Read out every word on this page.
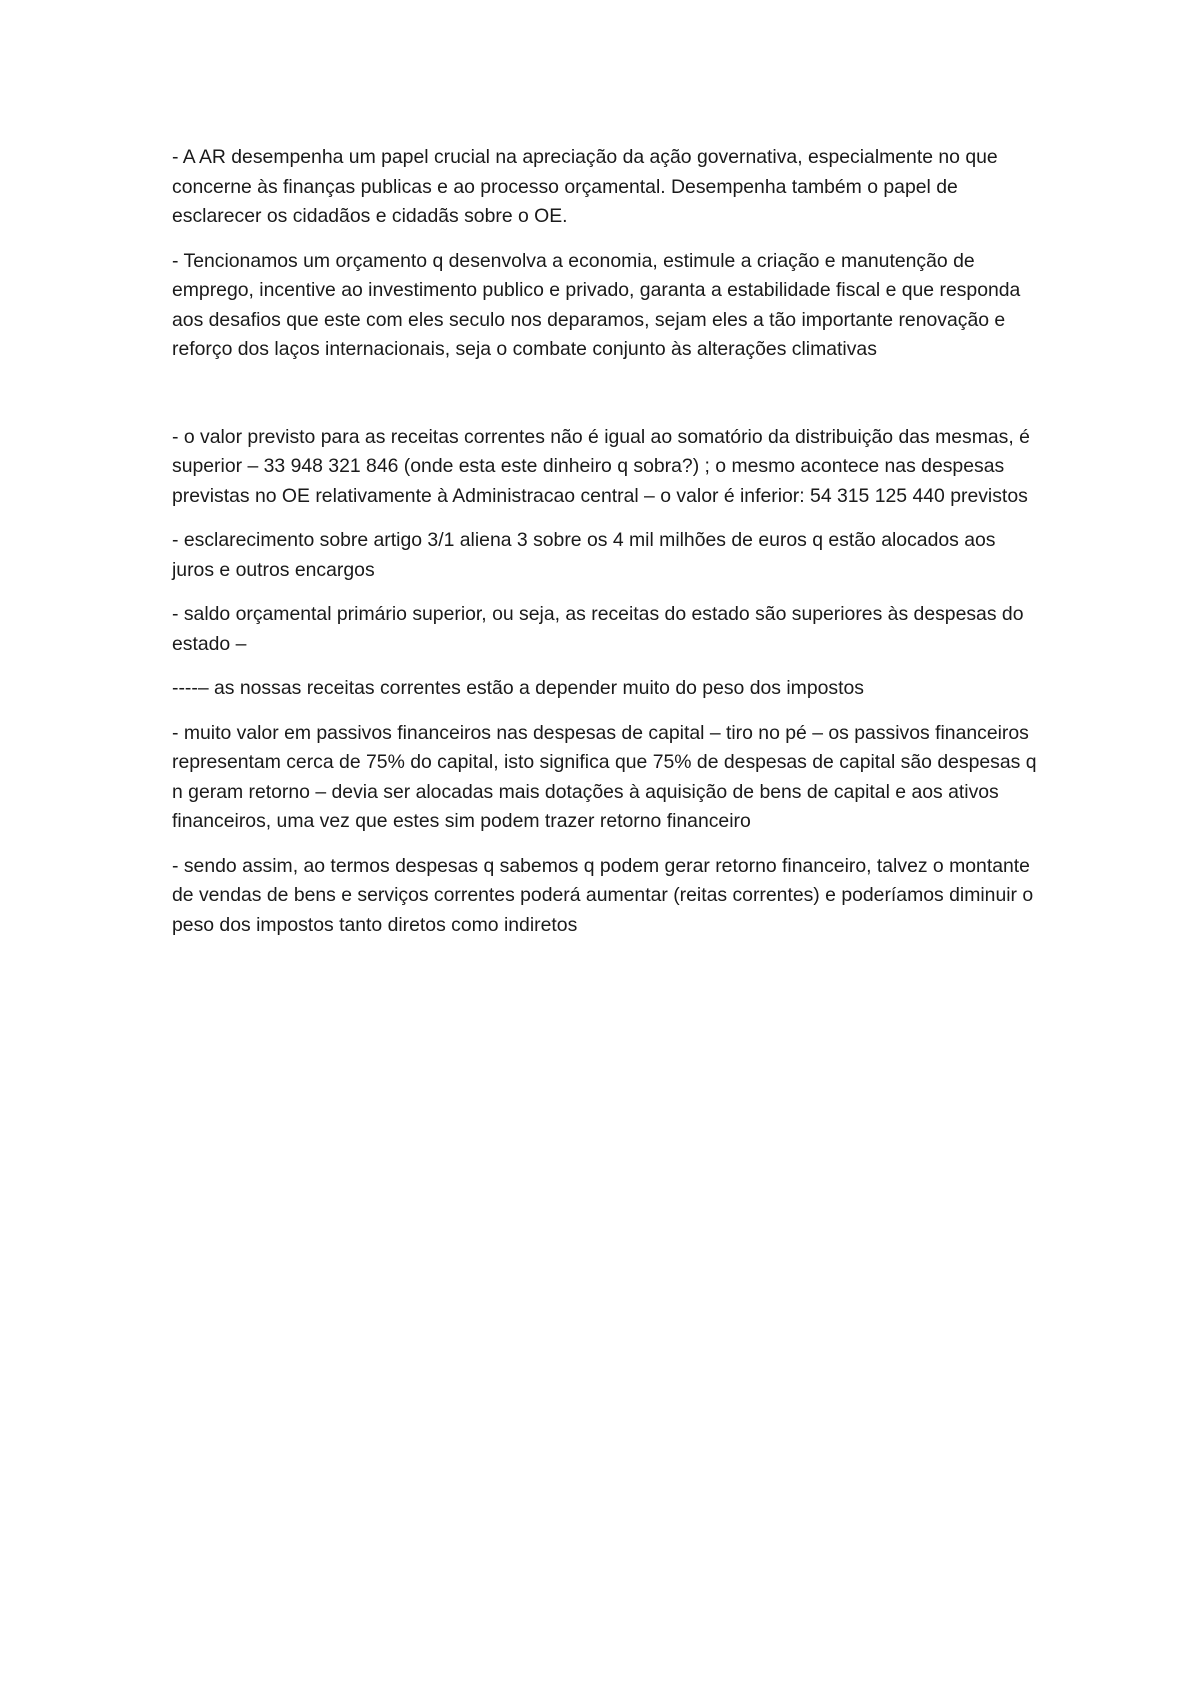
- A AR desempenha um papel crucial na apreciação da ação governativa, especialmente no que concerne às finanças publicas e ao processo orçamental. Desempenha também o papel de esclarecer os cidadãos e cidadãs sobre o OE.

- Tencionamos um orçamento q desenvolva a economia, estimule a criação e manutenção de emprego, incentive ao investimento publico e privado, garanta a estabilidade fiscal e que responda aos desafios que este com eles seculo nos deparamos, sejam eles a tão importante renovação e reforço dos laços internacionais, seja o combate conjunto às alterações climativas

- o valor previsto para as receitas correntes não é igual ao somatório da distribuição das mesmas, é superior – 33 948 321 846 (onde esta este dinheiro q sobra?) ; o mesmo acontece nas despesas previstas no OE relativamente à Administracao central – o valor é inferior: 54 315 125 440 previstos

- esclarecimento sobre artigo 3/1 aliena 3 sobre os 4 mil milhões de euros q estão alocados aos juros e outros encargos

- saldo orçamental primário superior, ou seja, as receitas do estado são superiores às despesas do estado –

----– as nossas receitas correntes estão a depender muito do peso dos impostos

- muito valor em passivos financeiros nas despesas de capital – tiro no pé – os passivos financeiros representam cerca de 75% do capital, isto significa que 75% de despesas de capital são despesas q n geram retorno – devia ser alocadas mais dotações à aquisição de bens de capital e aos ativos financeiros, uma vez que estes sim podem trazer retorno financeiro

- sendo assim, ao termos despesas q sabemos q podem gerar retorno financeiro, talvez o montante de vendas de bens e serviços correntes poderá aumentar (reitas correntes) e poderíamos diminuir o peso dos impostos tanto diretos como indiretos
